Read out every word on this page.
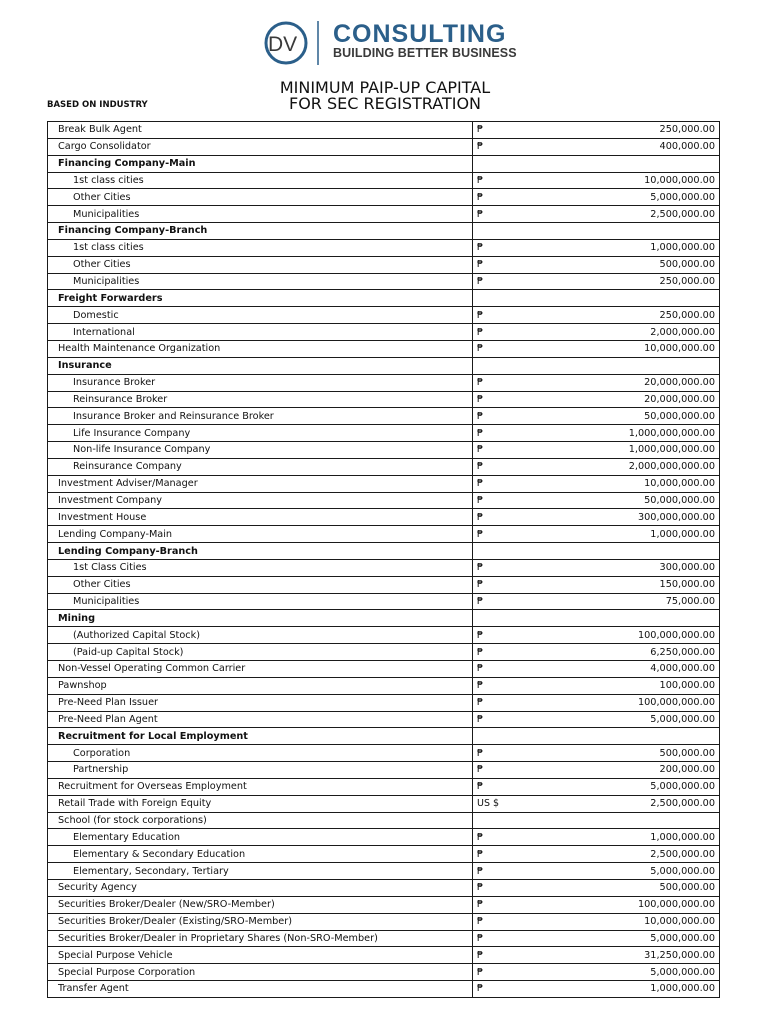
DV CONSULTING
BUILDING BETTER BUSINESS
MINIMUM PAIP-UP CAPITAL
FOR SEC REGISTRATION
BASED ON INDUSTRY
Break Bulk Agent	₱ 250,000.00

Cargo Consolidator	₱ 400,000.00

Financing Company-Main	
1st class cities	₱ 10,000,000.00

Other Cities	₱ 5,000,000.00

Municipalities	₱ 2,500,000.00

Financing Company-Branch	
1st class cities	₱ 1,000,000.00

Other Cities	₱ 500,000.00

Municipalities	₱ 250,000.00

Freight Forwarders	
Domestic	₱ 250,000.00

International	₱ 2,000,000.00

Health Maintenance Organization	₱ 10,000,000.00

Insurance	
Insurance Broker	₱ 20,000,000.00

Reinsurance Broker	₱ 20,000,000.00

Insurance Broker and Reinsurance Broker	₱ 50,000,000.00

Life Insurance Company	₱ 1,000,000,000.00

Non-life Insurance Company	₱ 1,000,000,000.00

Reinsurance Company	₱ 2,000,000,000.00

Investment Adviser/Manager	₱ 10,000,000.00

Investment Company	₱ 50,000,000.00

Investment House	₱ 300,000,000.00

Lending Company-Main	₱ 1,000,000.00

Lending Company-Branch	
1st Class Cities	₱ 300,000.00

Other Cities	₱ 150,000.00

Municipalities	₱ 75,000.00

Mining	
(Authorized Capital Stock)	₱ 100,000,000.00

(Paid-up Capital Stock)	₱ 6,250,000.00

Non-Vessel Operating Common Carrier	₱ 4,000,000.00

Pawnshop	₱ 100,000.00

Pre-Need Plan Issuer	₱ 100,000,000.00

Pre-Need Plan Agent	₱ 5,000,000.00

Recruitment for Local Employment	
Corporation	₱ 500,000.00

Partnership	₱ 200,000.00

Recruitment for Overseas Employment	₱ 5,000,000.00

Retail Trade with Foreign Equity	US $ 2,500,000.00

School (for stock corporations)	
Elementary Education	₱ 1,000,000.00

Elementary & Secondary Education	₱ 2,500,000.00

Elementary, Secondary, Tertiary	₱ 5,000,000.00

Security Agency	₱ 500,000.00

Securities Broker/Dealer (New/SRO-Member)	₱ 100,000,000.00

Securities Broker/Dealer (Existing/SRO-Member)	₱ 10,000,000.00

Securities Broker/Dealer in Proprietary Shares (Non-SRO-Member)	₱ 5,000,000.00

Special Purpose Vehicle	₱ 31,250,000.00

Special Purpose Corporation	₱ 5,000,000.00

Transfer Agent	₱ 1,000,000.00
